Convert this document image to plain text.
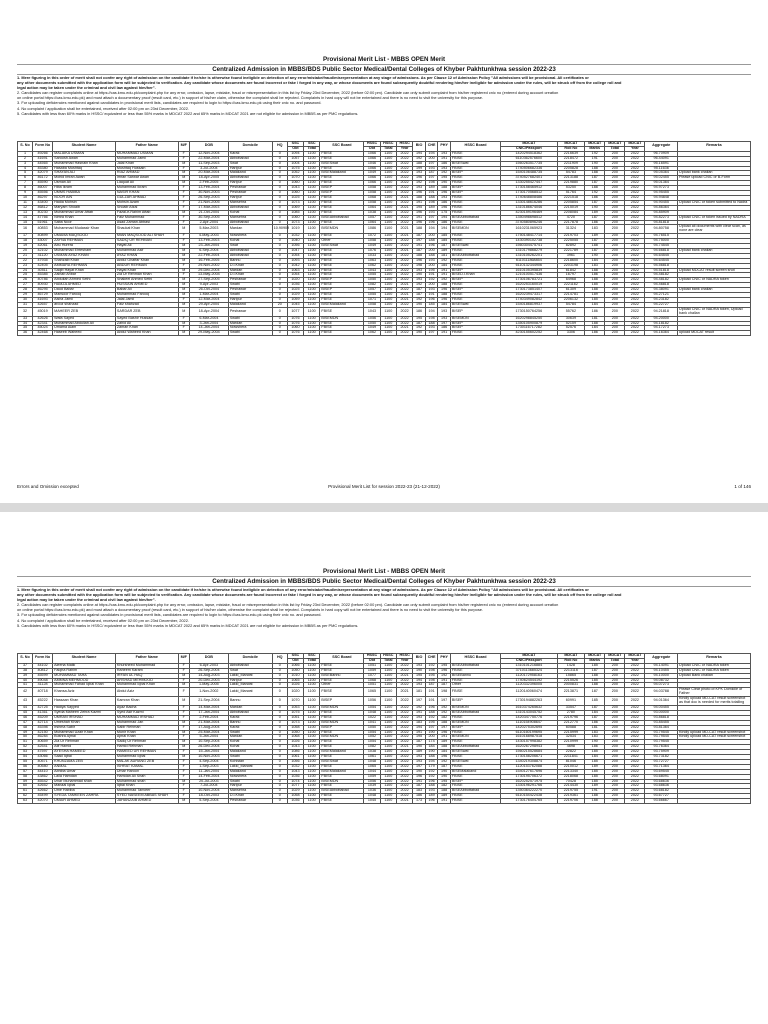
Provisional Merit List - MBBS OPEN Merit
Centralized Admission in MBBS/BDS Public Sector Medical/Dental Colleges of Khyber Pakhtunkhwa session 2022-23

1. Mere figuring in this order of merit shall not confer any right of admission on the candidate if he/she is otherwise found ineligible on detection of any error/mistake/fraud/misrepresentation at any stage of admissions. As per Clause 12 of Admission Policy "All admissions will be provisional. All certificates or

any other documents submitted with the application form will be subjected to verification. Any candidate whose documents are found incorrect or fake / forged in any way, or whose documents are found subsequently doubtful rendering him/her ineligible for admission under the rules, will be struck off from the college roll and

legal action may be taken under the criminal and civil law against him/her".

2. Candidates can register complaints online at https://cas.kmu.edu.pk/complaint.php for any error, omission, lapse, mistake, fraud or misrepresentation in this list by Friday 23rd December, 2022 (before 02:00 pm). Candidate can only submit complaint from his/her registered cnic no (entered during account creation

on online portal https://cas.kmu.edu.pk) and must attach a documentary proof (result card, etc.) in support of his/her claim, otherwise the complaint shall be rejected. Complaints in hard copy will not be entertained and there is no need to visit the university for this purpose.

3. For uploading deficiencies mentioned against candidates in provisional merit lists, candidates are required to login to https://cas.kmu.edu.pk using their cnic no. and password.

4. No complaint / application shall be entertained, received after 02:00 pm on 23rd December, 2022.

5. Candidates with less than 60% marks in HSSC/ equivalent or less than 55% marks in MDCAT 2022 and 65% marks in MDCAT 2021 are not eligible for admission in MBBS as per PMC regulations.

S. No	Form No	Student Name	Father Name	M/F	DOB	Domicile	HQ	SSC	SSC	SSC Board	HSSC	HSSC	HSSC	BIO	CHE	PHY	HSSC Board	MDCAT	MDCAT	MDCAT	MDCAT	MDCAT	Aggregate	Remarks
								Obt	Total		Obt	Total	Year					CNIC/Passport	Roll No	Marks	Total	Year		
1	49266	MALAIKA USMAN	MUHAMMAD USMAN	F	12-Nov-2004	Karak	0	1094	1100	FBISE	1066	1100	2022	194	194	193	FBISE	1420294518362	2216639	192	200	2022	96.70909	
2	41691	Saroosh Awan	Muhammad Jamil	F	22-Mar-2004	Abbottabad	0	1057	1100	FBISE	1066	1100	2022	192	200	191	FBISE	6110362576600	2218472	191	200	2022	96.44091	
3	44565	Muhammad Hasnain Khan	Jalal Khan	M	11-Sep-2003	Swat	0	1004	1100	BISESwat	1046	1100	2022	188	197	186	BISESwat	1560263517735	2211909	190	200	2022	95.16591	
4	45380	Hasaba Mushtaq	Mushtaq Hussain	F	3-Jul-2004	Haripur	0	1075	1100	FBISE	1066	1100	2022	199	193	193	FBISE	1740506682336	2205828	188	200	2022	95.11636	
5	42079	SHAYAN ALI	RIAZ AHMAD	M	20-Mar-2004	Malakand	0	1052	1100	BISEMalakand	1049	1100	2022	193	187	192	BISEP	1540106488735	54783	188	200	2022	95.05364	Upload bank challan
6	46172	Mohid Imran Awan	Imran Sarwar Awan	M	18-Apr-2005	Abbottabad	0	1070	1100	FBISE	1066	1100	2022	196	197	195	FBISE	3740527682401	2213188	187	200	2022	95.02455	Please upload CNIC or B-Form
7	45590	Usman Ali	Liaquat Ali	M	2-Feb-2005	Haripur	0	1060	1100	FBISE	1066	1100	2022	192	198	190	FBISE	1330255427447	2219880	187	200	2022	95.01364	
8	46007	Hiba Ikram	Muhammad Ikram	F	13-Feb-2004	Peshawar	0	1043	1100	BISEP	1058	1100	2022	193	189	188	BISEP	1730158465912	53250	188	200	2022	94.97273	
9	45556	UMMS HABIBA	NASIR KHAN	F	30-Nov-2003	Peshawar	0	1060	1100	BISEP	1058	1100	2022	196	191	196	BISEP	1730170568512	51764	192	200	2022	94.95455	
10	46297	NOOR AIN	GULZAR AHMAD	F	26-Sep-2003	Haripur	0	1025	1100	FBISE	1068	1100	2021	188	188	193	FBISE	1740648808486	2221518	186	200	2022	94.94848	
11	43400	Hadia Mohsin	Mohsin Azam	F	21-Nov-2005	Mansehra	0	1073	1100	FBISE	1058	1100	2022	191	198	186	FBISE	1330148616286	2205854	187	200	2022	94.90455	Upload CNIC or token submitted to Nadra
12	46812	Maryam Shoaib	Shoaib Afzal	F	17-Mar-2003	Abbottabad	0	1069	1100	FBISE	1064	1100	2021	195	189	196	FBISE	1310186674046	2215019	190	200	2022	94.86364	
13	40230	Muhammad Umar Aftab	Fazal-e-Rahim Aftab	M	21-Oct-2004	Kohat	0	1085	1100	FBISE	1038	1100	2022	196	193	175	FBISE	4230159196469	2208084	189	200	2022	94.85909	
14	47766	Nimra Khan	Faiz Muhammad	F	30-Sep-2005	Mansehra	0	1060	1100	BISEAbbottabad	1057	1100	2022	191	197	194	BISEAbbottabad	1350498698512	4720	187	200	2022	94.82273	Upload CNIC or token issued by NADRA
15	51961	Saba Noor	Asad Zaman Abbasi	F	2-Apr-2004	Abbottabad	0	1073	1100	FBISE	1064	1100	2022	196	196	186	FBISE	3740580896246	2217878	186	200	2022	94.81818	
16	40853	Muhammad Mudassir Khan	Shaukat Khan	M	5-Mar-2003	Mardan	10.90909	1019	1100	BISEMDN	1086	1100	2021	188	194	194	BISEMDN	1610231065923	31324	183	200	2022	94.80758	Upload all documents with clear scan, as none are clear
17	40899	UMAMA MAQSOOD	MIAN MAQSOOD ALI SHAH	F	4-May-2003	Nowshera	0	1032	1100	FBISE	1072	1100	2021	187	200	185	FBISE	1750148417714	2219703	189	200	2022	94.76515	
18	43007	ZAYNA REHMAN	SADIQ UR REHMAN	F	13-Feb-2003	Kohat	0	1040	1100	Other	1058	1100	2022	197	188	185	FBISE	1430390102738	2225055	187	200	2022	94.75000	
19	42061	Abu Hurera	Hayat Ali	M	23-Jan-2004	Swat	0	1056	1100	BISESwat	1049	1100	2022	191	196	187	BISESwat	1560304475741	82892	188	200	2022	94.74545	
20	42102	Muhammad Ehtesham	Muhammad Asif	M	6-Sep-2004	Abbottabad	0	1047	1100	FBISE	1076	1100	2021	187	200	189	FBISE	1310179868279	2221789	187	200	2022	94.66818	Upload bank challan
21	41120	USMAN AYAZ KHAN	AYAZ KHAN	M	22-Feb-2004	Abbottabad	0	1054	1100	FBISE	1033	1100	2022	188	188	181	BISEAbbottabad	1310105262201	3961	190	200	2022	94.64545	
22	47935	Shahzaib Khan	Abdul Ghaffar Khan	M	16-Feb-2005	Bannu	0	1093	1100	FBISE	1063	1100	2022	196	193	192	FBISE	6110111868854	2218600	184	200	2022	94.64545	
23	42405	AMMARA REHMAN	ABDUR REHMAN	F	29-Nov-2002	D.I.Khan	0	1042	1100	FBISE	1062	1100	2022	198	200	184	FBISE	6110132344906	2203198	183	200	2022	94.56818	
24	40511	Saqib Hayat Khan	Hayat Khan	M	29-Dec-2004	Mardan	0	1063	1100	FBISE	1043	1100	2022	193	195	191	BISEP	1610105395839	61842	188	200	2022	94.51818	Upload MDCAT result screen shot
25	45385	Zainab Anbar	Zia Ur Rehman Khan	F	13-May-2004	D.I.Khan	0	1054	1100	FBISE	1055	1100	2022	190	191	191	BISED.I.Khan	1210100517436	16797	186	200	2022	94.48182	
26	40786	Abdullah Ahmed Sethi	Shakeel Ahmed Sethi	M	27-Sep-2005	Peshawar	0	1020	1100	BISEP	1050	1100	2022	193	192	192	BISEP	1730106783721	64968	188	200	2022	94.48182	Upload CNIC or NADRA token
27	40930	HAMZA AHMED	HUSSAIN AHMED	M	9-Apr-2003	Swabi	0	1036	1100	FBISE	1082	1100	2021	192	200	188	FBISE	1620253160019	2221162	185	200	2022	94.46818	
28	46295	Daud Babar	Babar Ali	M	26-Oct-2004	Peshawar	0	1025	1100	BISEP	1057	1100	2022	187	193	196	BISEP	1730173851407	61309	188	200	2022	94.38091	Upload bank challan
29	46729	Mansoor Farooq	Muhammad Farooq	M	1-Mar-2004	Swabi	0	1029	1100	FBISE	1055	1100	2021	187	191	188	FBISE	1620239473317	2214781	189	200	2022	94.27121	
30	41693	Aisha Jamil	Jalal Jamil	F	12-Mar-2004	Haripur	0	1059	1100	FBISE	1071	1100	2021	192	196	196	FBISE	1740349082842	2206132	185	200	2022	94.23182	
31	42657	arooz shahzad	Faiz shahzad	M	29-Apr-2004	Malakand	20	1045	1100	BISEMalakand	1058	1100	2022	190	185	184	BISESwat	1540186819937	54784	184	200	2022	94.22727	
32	45019	MAHEER ZEB	SARDAR ZEB	M	18-Apr-2004	Peshawar	0	1077	1100	FBISE	1043	1100	2022	186	194	193	BISEP	1730150764256	55762	186	200	2022	94.21818	Upload CNIC or NADRA token, Upload bank challan
33	42626	Wafa Sayed	Sayed Bashir Hussain	F	6-Mar-2004	Swabi	0	1076	1100	BISEMDN	1056	1100	2022	195	198	193	BISEMDN	1620298845250	30639	181	200	2022	94.20000	
34	42341	Muhammad Abdullah Ali	Zahid Ali	M	3-Jan-2004	Mardan	0	1076	1100	FBISE	1050	1100	2022	187	188	197	BISEP	1350105900879	52159	188	200	2022	94.18182	
35	45024	Umama Alam	Zaman Khan	F	14-Jan-2004	Nowshera	0	1060	1100	FBISE	1049	1100	2021	192	193	186	BISEP	1730116717282	52576	184	200	2022	94.17273	
36	42468	Haseeb Waheed	Abdul Waheed Khan	M	29-May-2004	Swabi	0	1076	1100	FBISE	1062	1100	2022	190	197	191	FBISE	4230155602252	3306	186	200	2022	94.16364	upload MDCAT result
Errors and Omission excepted	Provisional Merit List for session 2022-23 (21-12-2022)	1 of 146
Provisional Merit List - MBBS OPEN Merit
Centralized Admission in MBBS/BDS Public Sector Medical/Dental Colleges of Khyber Pakhtunkhwa session 2022-23

1. Mere figuring in this order of merit shall not confer any right of admission on the candidate if he/she is otherwise found ineligible on detection of any error/mistake/fraud/misrepresentation at any stage of admissions. As per Clause 12 of Admission Policy "All admissions will be provisional. All certificates or

any other documents submitted with the application form will be subjected to verification. Any candidate whose documents are found incorrect or fake / forged in any way, or whose documents are found subsequently doubtful rendering him/her ineligible for admission under the rules, will be struck off from the college roll and

legal action may be taken under the criminal and civil law against him/her".

2. Candidates can register complaints online at https://cas.kmu.edu.pk/complaint.php for any error, omission, lapse, mistake, fraud or misrepresentation in this list by Friday 23rd December, 2022 (before 02:00 pm). Candidate can only submit complaint from his/her registered cnic no (entered during account creation

on online portal https://cas.kmu.edu.pk) and must attach a documentary proof (result card, etc.) in support of his/her claim, otherwise the complaint shall be rejected. Complaints in hard copy will not be entertained and there is no need to visit the university for this purpose.

3. For uploading deficiencies mentioned against candidates in provisional merit lists, candidates are required to login to https://cas.kmu.edu.pk using their cnic no. and password.

4. No complaint / application shall be entertained, received after 02:00 pm on 23rd December, 2022.

5. Candidates with less than 60% marks in HSSC/ equivalent or less than 55% marks in MDCAT 2022 and 65% marks in MDCAT 2021 are not eligible for admission in MBBS as per PMC regulations.

S. No	Form No	Student Name	Father Name	M/F	DOB	Domicile	HQ	SSC	SSC	SSC Board	HSSC	HSSC	HSSC	BIO	CHE	PHY	HSSC Board	MDCAT	MDCAT	MDCAT	MDCAT	MDCAT	Aggregate	Remarks
								Obt	Total		Obt	Total	Year					CNIC/Passport	Roll No	Marks	Total	Year		
37	44102	Aleena Malik	Khursheed Muhammad	F	6-Apr-2003	Abbottabad	0	1066	1100	FBISE	1051	1100	2022	193	192	195	BISEAbbottabad	1310101216884	1428	185	200	2022	94.14091	Upload CNIC or NADRA token
38	40812	Faiqha Rahim	Raheem Karam	F	26-Sep-2004	Swat	0	1050	1100	FBISE	1059	1100	2022	190	198	196	FBISE	3710113685324	2213116	187	200	2022	94.10455	Upload CNIC or NADRA token
39	45599	MUHAMMAD TAHA	IRFAN UL HAQ	M	14-Aug-2003	Lakki_Marwat	0	1010	1100	BISEBannu	1077	1100	2021	195	195	192	BISEBannu	1120172958163	15865	188	200	2022	94.10000	Upload Bank challan
40	49048	AMMNA MEHMOOD	ARSHAD MEHMOOD	F	20-Dec-2003	Haripur	0	1065	1100	FBISE	1068	1100	2022	194	198	191	FBISE	1740624544192	2215526	185	200	2022	94.08732	
41	41128	Muhammad Fahad Iqbal Khan	Muhammad Iqbal Khan	M	1-May-2005	Lakki_Marwat	0	1026	1100	Other	1051	1100	2022	193	187	187	Other	1120332396005	2000831	188	200	2022	94.07273	
42	40718	Khansa Aziz	Abdul Aziz	F	1-Nov-2002	Lakki_Marwat	0	1020	1100	FBISE	1065	1100	2021	181	191	198	FBISE	1120140060474	2213871	187	200	2022	94.03788	Please Clear photo of KPK Domicile of Father
43	45222	Hassaan Khan	Kamran Khan	M	21-Sep-2004	Bannu	0	1070	1100	BISEP	1056	1100	2022	197	191	197	BISEP	1730194882263	60991	185	200	2022	94.01364	Kindly upload MD-CAT result screenshot as that doc is needed for merits totalling
44	42725	Hadiya Sayyed	Ayaz Bacha	F	14-Mar-2004	Mardan	0	1053	1100	BISEMDN	1054	1100	2022	192	196	192	BISEMDN	1610374265632	33547	187	200	2022	94.00455	
45	41361	Syeda Maheen Zehra Kazmi	Syed Asif Kazmi	F	17-Jan-2004	Abbottabad	0	1075	1100	FBISE	1048	1100	2022	191	188	192	BISEAbbottabad	1310143045752	2780	184	200	2022	93.00000	
46	45209	UMRAN IRSHAD	MUHAMMAD IRSHAD	F	2-Feb-2004	Karak	0	1051	1100	FBISE	1022	1100	2022	193	192	182	FBISE	1420347750776	2219796	187	200	2022	93.86818	
47	42714	Umeshah Khan	Muhammad Jan	M	21-Mar-2004	Bannu	0	1073	1100	BISEMDN	1041	1100	2022	183	195	188	BISEMDN	1110154908647	2212770	186	200	2022	93.85455	
48	45398	Irshma Sabir	Sabir Rehman	F	17-Aug-2004	Karak	0	1058	1100	BISEP	1050	1100	2022	194	197	197	BISEP	1420275302695	60588	181	200	2022	93.81364	
49	42150	Muhammad Uzair Khan	Munir Khan	M	25-Mar-2004	Swabi	0	1050	1100	FBISE	1054	1100	2022	191	190	196	FBISE	6110160199695	2215999	183	200	2022	93.79545	Kindly upload MD-CAT result screenshot
50	46284	Bushra Ajmal	Ajmal Khan	F	5-Jan-2004	Mardan	0	1068	1100	BISEMDN	1052	1100	2022	195	200	191	BISEMDN	1610168987518	32534	183	200	2022	93.79545	Kindly upload MD-CAT result screenshot
51	40659	Zia Ur Rehman	Sadiq Ur Rehman	M	10-Sep-2004	Kohat	0	1026	1100	FBISE	1054	1100	2022	187	174	189	FBISE	1430157998382	2210999	190	200	2022	93.79545	
52	42541	Atif Hamid	Hamid Rehman	M	26-Dec-2004	Kohat	0	1043	1100	FBISE	1082	1100	2021	190	184	188	BISEAbbottabad	1620267298943	4698	186	200	2022	93.76364	
53	47597	AYESHA HAMEED	HAMEED UR REHMAN	F	15-Jan-2004	Malakand	0	1086	1100	BISEMalakand	1038	1100	2022	189	190	184	BISESwat	1560215528684	22822	185	200	2022	93.75909	
54	43066	Saad Iqbal	Muhammad Iqbal	M	10-Nov-2003	Swabi	0	1061	1100	FBISE	1061	1100	2022	193	188	196	FBISE	1730158206671	2211841	184	200	2022	93.73182	
55	40571	KHUNZAMA ZEB	MALAK AURANG ZEB	F	4-Sep-2004	Kohistan	0	1056	1100	BISESwat	1048	1100	2022	193	194	192	BISESwat	1340219308874	81046	185	200	2022	93.72727	
56	40580	ANMAL	ISHRAT KAMAL	F	1-Sep-2003	Lakki_Marwat	0	1032	1100	FBISE	1065	1100	2022	197	179	187	FBISE	1120153762088	2210012	189	200	2022	93.71364	
57	44410	Abhiba Umar	Umar Haroon	F	11-Jan-2004	Malakand	0	1043	1100	BISEMalakand	1044	1100	2022	190	192	190	BISEMalakand	1540127617696	2213340	185	200	2022	93.69545	
58	43862	Laila Hamdan	Hamdan Ali Shah	F	14-Feb-2004	Nowshera	0	1036	1100	FBISE	1059	1100	2022	196	192	190	FBISE	1730195706372	2218068	185	200	2022	93.68091	
59	45542	Izhar Muhammad shah	Muhammad shah	M	20-Jul-2003	Swabi	0	1074	1100	BISEMDN	1056	1100	2022	191	196	195	BISEP	1620252571975	70428	185	200	2022	93.68636	
60	42652	Manaal Iqbal	Iqbal Khan	F	7-Jul-2004	Haripur	0	1077	1100	FBISE	1039	1100	2022	187	188	182	FBISE	1330196291766	2214430	189	200	2022	93.68636	
61	42662	Ume Habiba	Muhammad Tanveer	F	10-Nov-2004	Mansehra	0	1029	1100	BISEAbbottabad	1036	1100	2022	183	193	188	BISEAbbottabad	1350364222270	2219755	191	200	2022	93.68182	
62	45499	SYEDA TAMKEEN ZAHRA	SYED NASEEM ABBAS SHAH	F	18-Oct-2003	D.I.Khan	0	1058	1100	FBISE	1048	1100	2022	186	189	189	FBISE	6110154422438	2219361	188	200	2022	93.67727	
63	42070	UMAIR AHMED	JAHANZAIB AHMED	M	5-Sep-2004	Peshawar	0	1036	1100	FBISE	1045	1100	2021	173	196	191	FBISE	1730176404765	2219706	188	200	2022	93.66667	
